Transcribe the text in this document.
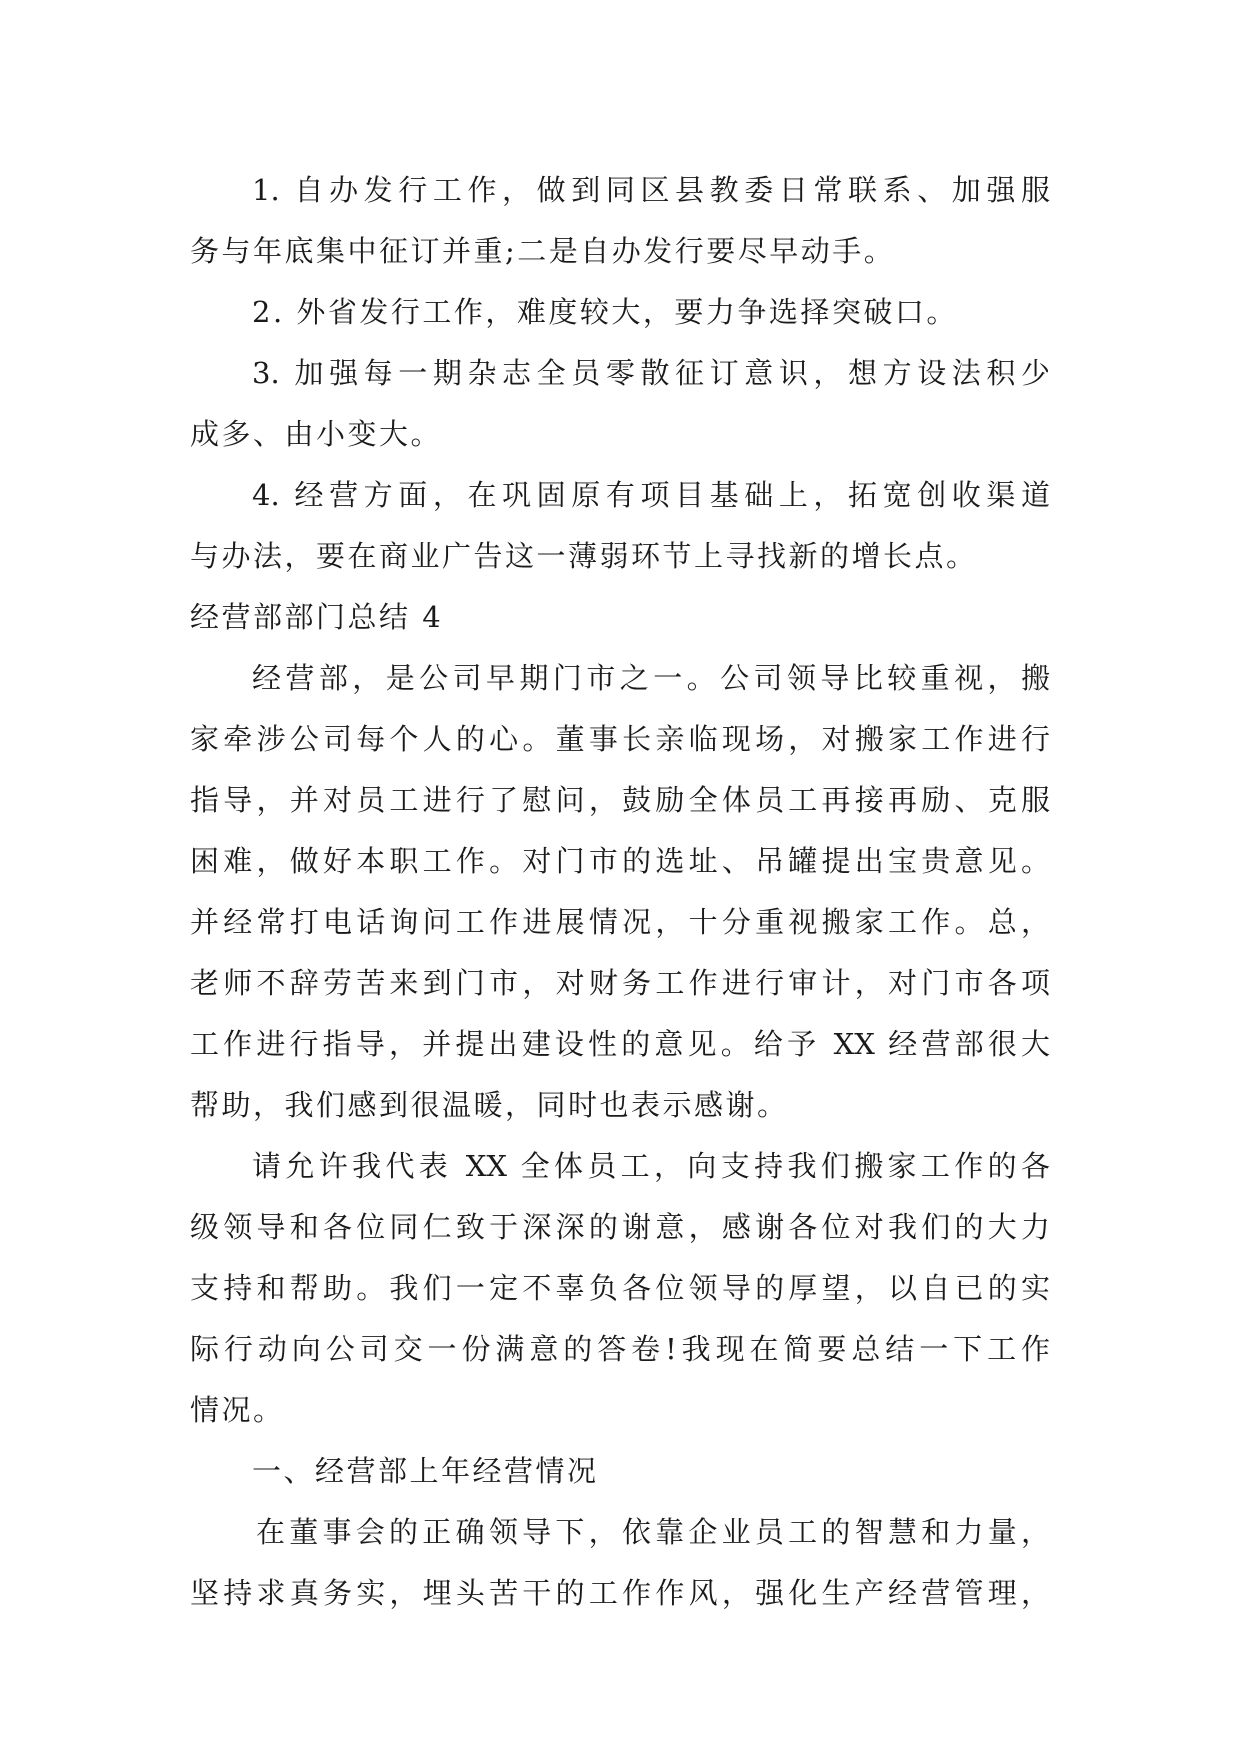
1. 自办发行工作，做到同区县教委日常联系、加强服
务与年底集中征订并重;二是自办发行要尽早动手。
2. 外省发行工作，难度较大，要力争选择突破口。
3. 加强每一期杂志全员零散征订意识，想方设法积少
成多、由小变大。
4. 经营方面，在巩固原有项目基础上，拓宽创收渠道
与办法，要在商业广告这一薄弱环节上寻找新的增长点。
经营部部门总结 4
经营部，是公司早期门市之一。公司领导比较重视，搬
家牵涉公司每个人的心。董事长亲临现场，对搬家工作进行
指导，并对员工进行了慰问，鼓励全体员工再接再励、克服
困难，做好本职工作。对门市的选址、吊罐提出宝贵意见。
并经常打电话询问工作进展情况，十分重视搬家工作。总，
老师不辞劳苦来到门市，对财务工作进行审计，对门市各项
工作进行指导，并提出建设性的意见。给予 XX 经营部很大
帮助，我们感到很温暖，同时也表示感谢。
请允许我代表 XX 全体员工，向支持我们搬家工作的各
级领导和各位同仁致于深深的谢意，感谢各位对我们的大力
支持和帮助。我们一定不辜负各位领导的厚望，以自已的实
际行动向公司交一份满意的答卷!我现在简要总结一下工作
情况。
一、经营部上年经营情况
在董事会的正确领导下，依靠企业员工的智慧和力量，
坚持求真务实，埋头苦干的工作作风，强化生产经营管理，
